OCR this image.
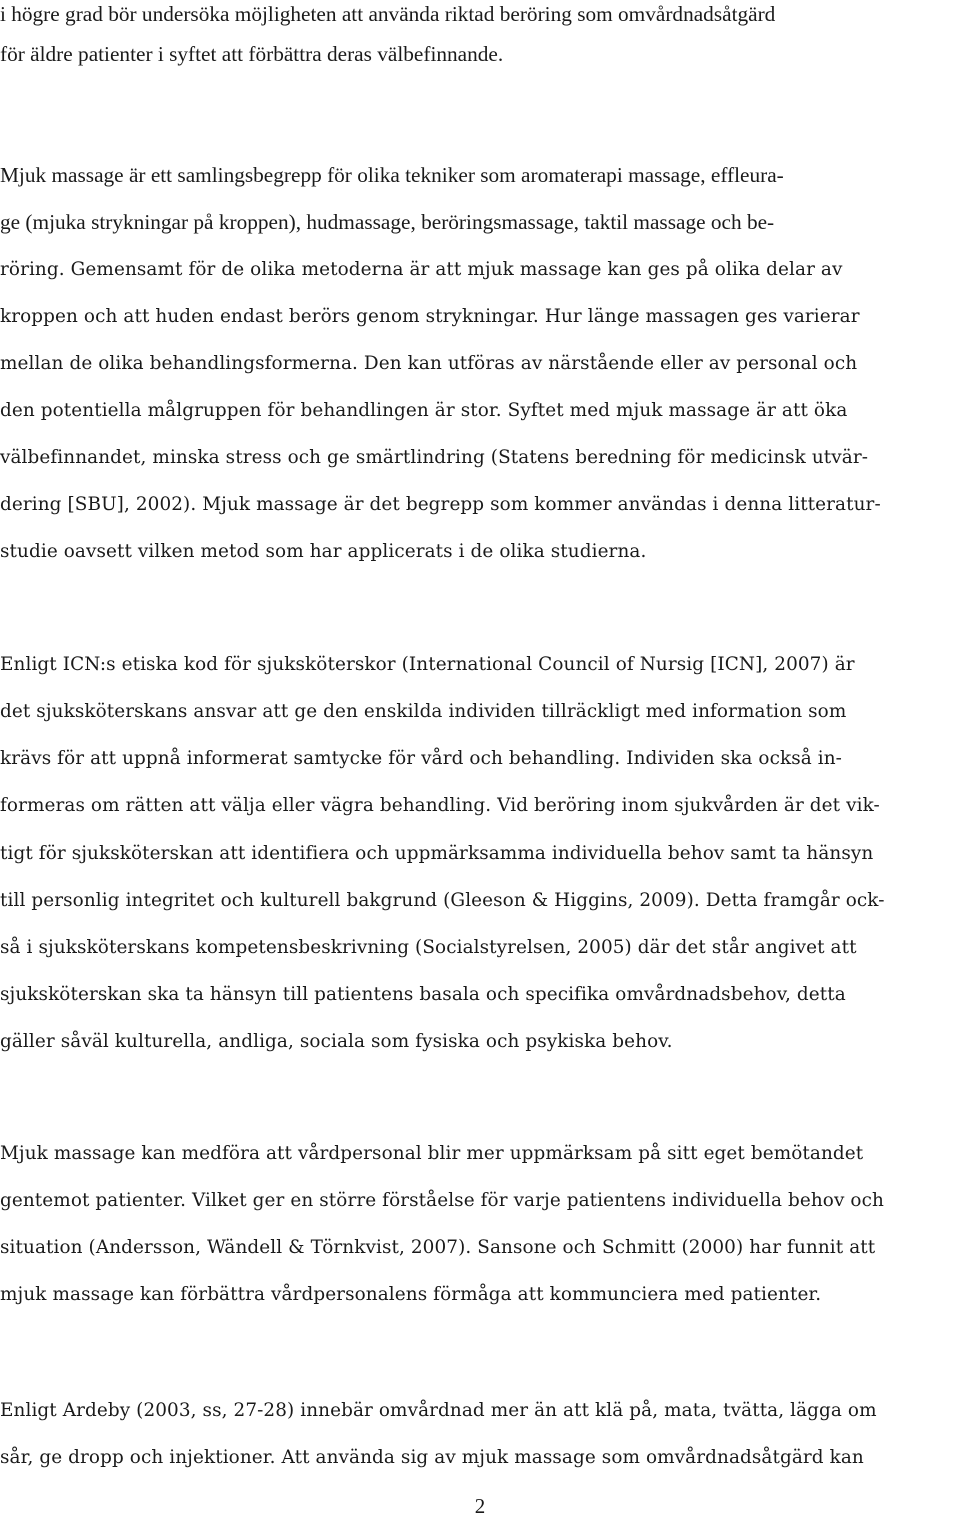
i högre grad bör undersöka möjligheten att använda riktad beröring som omvårdnadsåtgärd
för äldre patienter i syftet att förbättra deras välbefinnande.
Mjuk massage är ett samlingsbegrepp för olika tekniker som aromaterapi massage, effleura-
ge (mjuka strykningar på kroppen), hudmassage, beröringsmassage, taktil massage och be-
röring. Gemensamt för de olika metoderna är att mjuk massage kan ges på olika delar av
kroppen och att huden endast berörs genom strykningar. Hur länge massagen ges varierar
mellan de olika behandlingsformerna. Den kan utföras av närstående eller av personal och
den potentiella målgruppen för behandlingen är stor. Syftet med mjuk massage är att öka
välbefinnandet, minska stress och ge smärtlindring (Statens beredning för medicinsk utvär-
dering [SBU], 2002). Mjuk massage är det begrepp som kommer användas i denna litteratur-
studie oavsett vilken metod som har applicerats i de olika studierna.
Enligt ICN:s etiska kod för sjuksköterskor (International Council of Nursig [ICN], 2007) är
det sjuksköterskans ansvar att ge den enskilda individen tillräckligt med information som
krävs för att uppnå informerat samtycke för vård och behandling. Individen ska också in-
formeras om rätten att välja eller vägra behandling. Vid beröring inom sjukvården är det vik-
tigt för sjuksköterskan att identifiera och uppmärksamma individuella behov samt ta hänsyn
till personlig integritet och kulturell bakgrund (Gleeson & Higgins, 2009). Detta framgår ock-
så i sjuksköterskans kompetensbeskrivning (Socialstyrelsen, 2005) där det står angivet att
sjuksköterskan ska ta hänsyn till patientens basala och specifika omvårdnadsbehov, detta
gäller såväl kulturella, andliga, sociala som fysiska och psykiska behov.
Mjuk massage kan medföra att vårdpersonal blir mer uppmärksam på sitt eget bemötandet
gentemot patienter. Vilket ger en större förståelse för varje patientens individuella behov och
situation (Andersson, Wändell & Törnkvist, 2007). Sansone och Schmitt (2000) har funnit att
mjuk massage kan förbättra vårdpersonalens förmåga att kommunciera med patienter.
Enligt Ardeby (2003, ss, 27-28) innebär omvårdnad mer än att klä på, mata, tvätta, lägga om
sår, ge dropp och injektioner. Att använda sig av mjuk massage som omvårdnadsåtgärd kan
2
